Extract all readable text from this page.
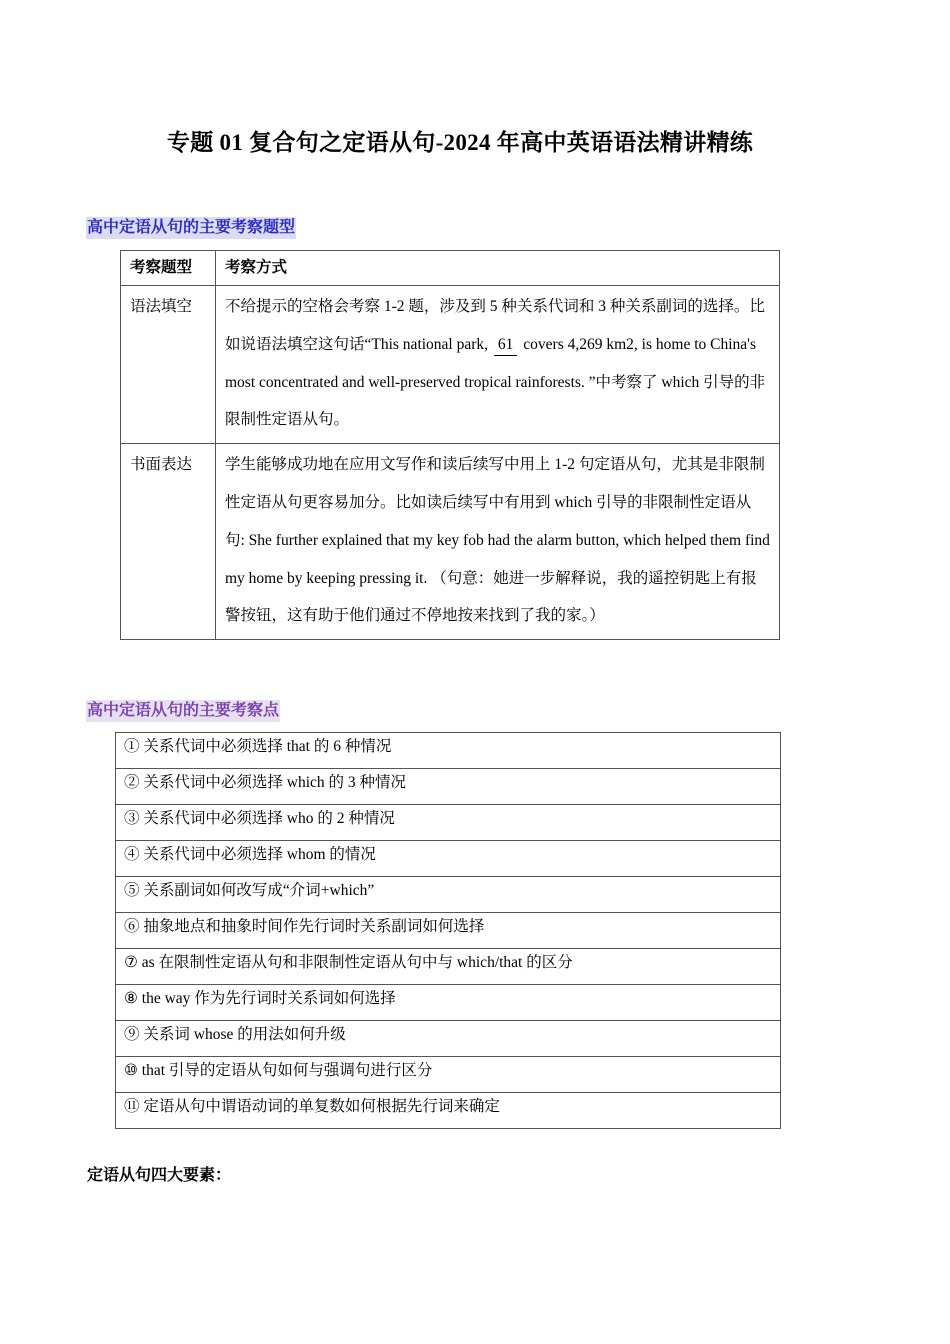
专题 01 复合句之定语从句-2024 年高中英语语法精讲精练
高中定语从句的主要考察题型
考察题型	考察方式
语法填空	不给提示的空格会考察 1-2 题，涉及到 5 种关系代词和 3 种关系副词的选择。比如说语法填空这句话“This national park, 61 covers 4,269 km2, is home to China's most concentrated and well-preserved tropical rainforests. ”中考察了 which 引导的非限制性定语从句。
书面表达	学生能够成功地在应用文写作和读后续写中用上 1-2 句定语从句，尤其是非限制性定语从句更容易加分。比如读后续写中有用到 which 引导的非限制性定语从句: She further explained that my key fob had the alarm button, which helped them find my home by keeping pressing it. （句意：她进一步解释说，我的遥控钥匙上有报警按钮，这有助于他们通过不停地按来找到了我的家。）
高中定语从句的主要考察点
① 关系代词中必须选择 that 的 6 种情况
② 关系代词中必须选择 which 的 3 种情况
③ 关系代词中必须选择 who 的 2 种情况
④ 关系代词中必须选择 whom 的情况
⑤ 关系副词如何改写成“介词+which”
⑥ 抽象地点和抽象时间作先行词时关系副词如何选择
⑦ as 在限制性定语从句和非限制性定语从句中与 which/that 的区分
⑧ the way 作为先行词时关系词如何选择
⑨ 关系词 whose 的用法如何升级
⑩ that 引导的定语从句如何与强调句进行区分
⑪ 定语从句中谓语动词的单复数如何根据先行词来确定
定语从句四大要素：
